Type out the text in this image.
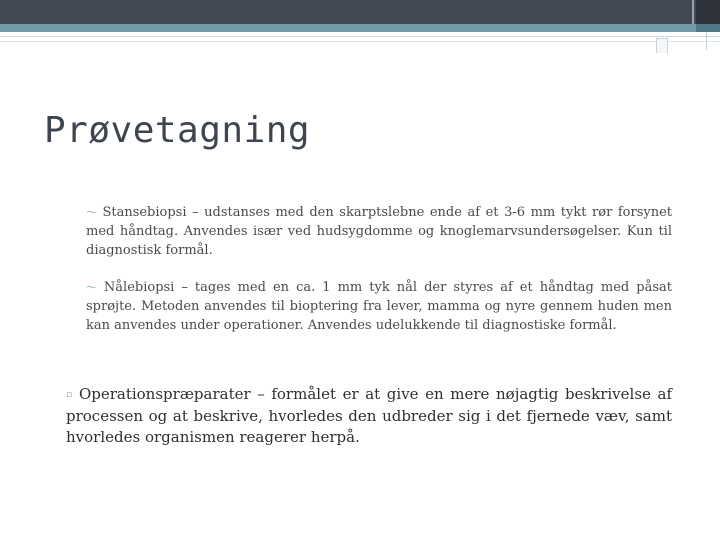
Prøvetagning

〜 Stansebiopsi – udstanses med den skarptslebne ende af et 3-6 mm tykt rør forsynet med håndtag. Anvendes især ved hudsygdomme og knoglemarvsundersøgelser. Kun til diagnostisk formål.

〜 Nålebiopsi – tages med en ca. 1 mm tyk nål der styres af et håndtag med påsat sprøjte. Metoden anvendes til bioptering fra lever, mamma og nyre gennem huden men kan anvendes under operationer. Anvendes udelukkende til diagnostiske formål.

▫ Operationspræparater – formålet er at give en mere nøjagtig beskrivelse af processen og at beskrive, hvorledes den udbreder sig i det fjernede væv, samt hvorledes organismen reagerer herpå.
